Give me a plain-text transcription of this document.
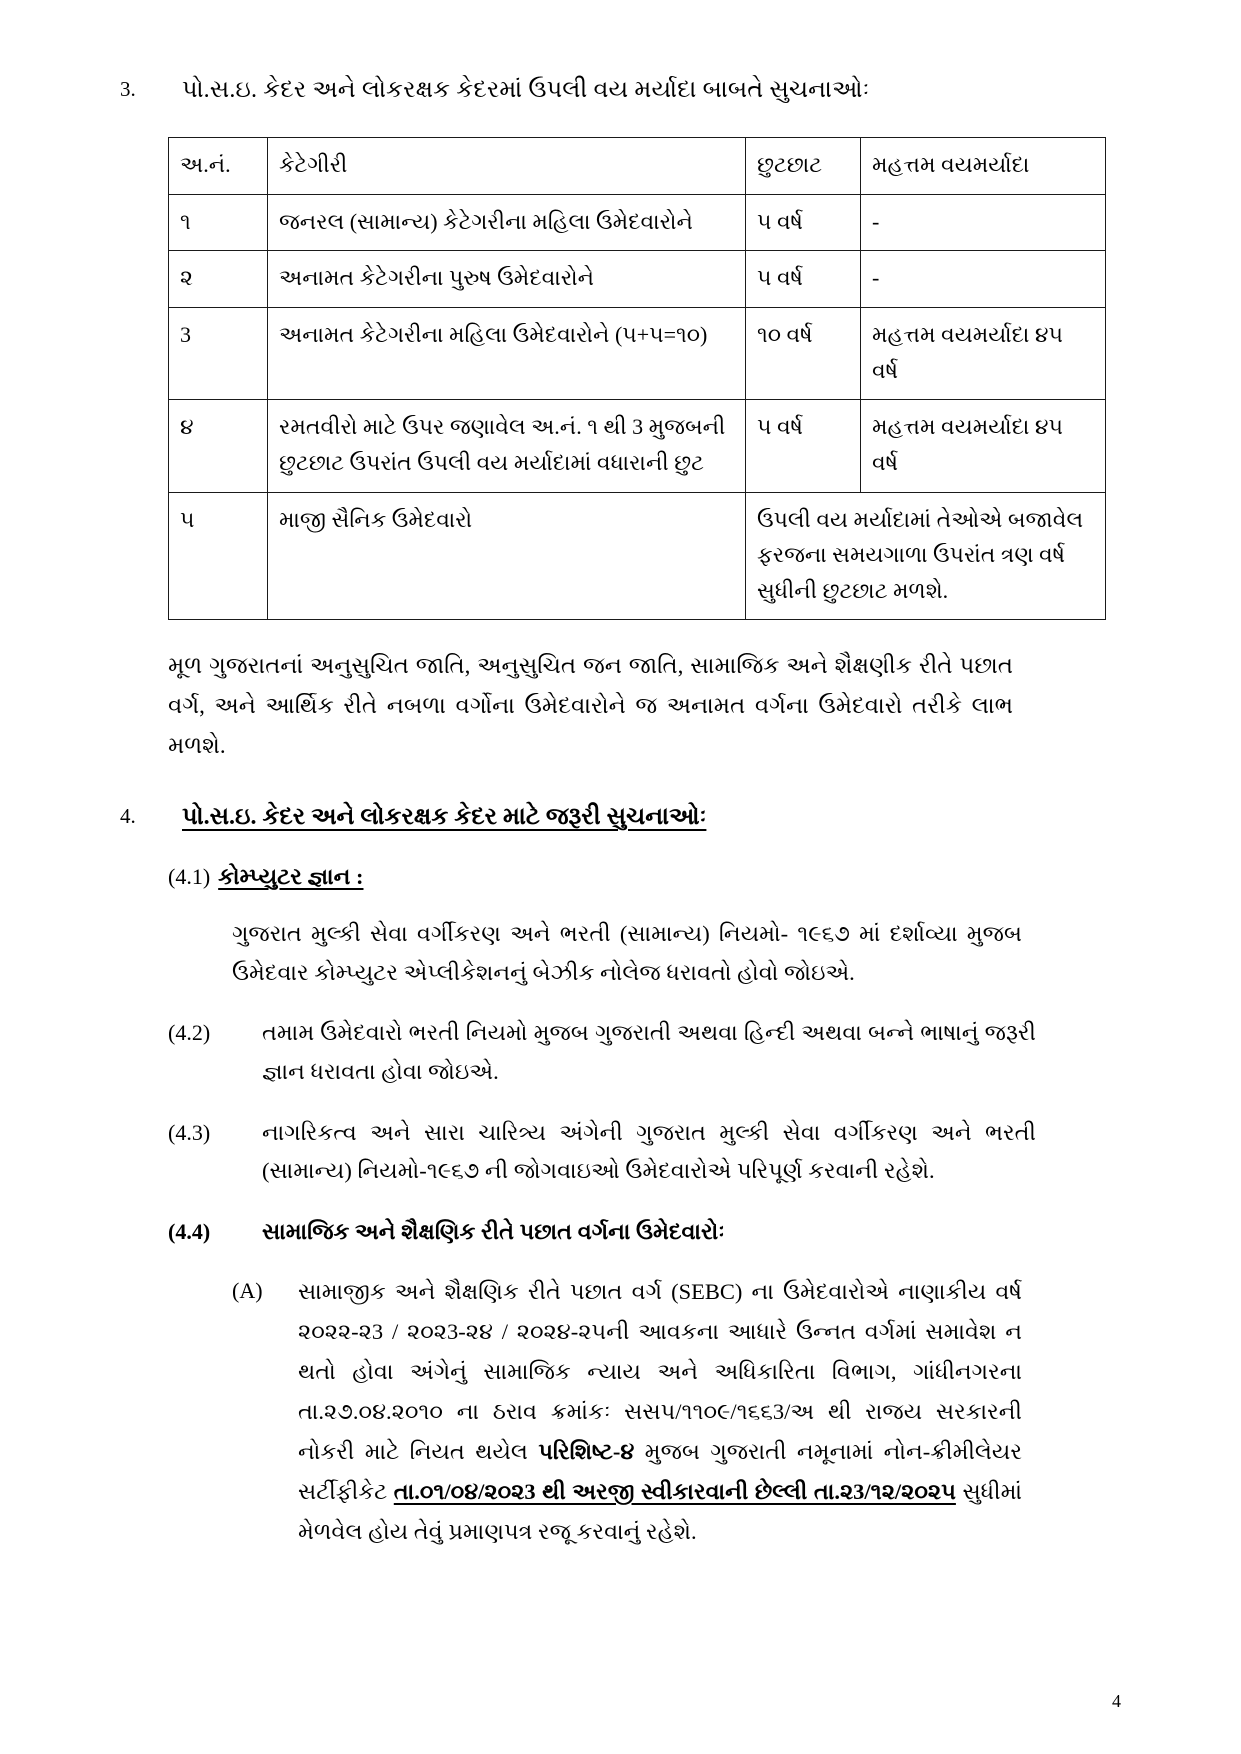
3.	પો.સ.ઇ. કેદર અને લોકરક્ષક કેદરમાં ઉપલી વય મર્યાદા બાબતે સુચનાઓઃ
અ.નં.	કેટેગીરી	છુટછાટ	મહત્તમ વયમર્યાદા
૧	જનરલ (સામાન્ય) કેટેગરીના મહિલા ઉમેદવારોને	૫ વર્ષ	-
૨	અનામત કેટેગરીના પુરુષ ઉમેદવારોને	૫ વર્ષ	-
3	અનામત કેટેગરીના મહિલા ઉમેદવારોને (૫+૫=૧૦)	૧૦ વર્ષ	મહત્તમ વયમર્યાદા ૪૫ વર્ષ
૪	રમતવીરો માટે ઉપર જણાવેલ અ.નં. ૧ થી 3 મુજબની છુટછાટ ઉપરાંત ઉપલી વય મર્યાદામાં વધારાની છુટ	૫ વર્ષ	મહત્તમ વયમર્યાદા ૪૫ વર્ષ
૫	માજી સૈનિક ઉમેદવારો	ઉપલી વય મર્યાદામાં તેઓએ બજાવેલ ફરજના સમયગાળા ઉપરાંત ત્રણ વર્ષ સુધીની છુટછાટ મળશે.	
મૂળ ગુજરાતનાં અનુસુચિત જાતિ, અનુસુચિત જન જાતિ, સામાજિક અને શૈક્ષણીક રીતે પછાત વર્ગ, અને આર્થિક રીતે નબળા વર્ગોના ઉમેદવારોને જ અનામત વર્ગના ઉમેદવારો તરીકે લાભ મળશે.
4.	પો.સ.ઇ. કેદર અને લોકરક્ષક કેદર માટે જરૂરી સુચનાઓઃ
(4.1) કોમ્પ્યુટર જ્ઞાન :
ગુજરાત મુલ્કી સેવા વર્ગીકરણ અને ભરતી (સામાન્ય) નિયમો- ૧૯૬૭ માં દર્શાવ્યા મુજબ ઉમેદવાર કોમ્પ્યુટર એપ્લીકેશનનું બેઝીક નોલેજ ધરાવતો હોવો જોઇએ.
(4.2)	તમામ ઉમેદવારો ભરતી નિયમો મુજબ ગુજરાતી અથવા હિન્દી અથવા બન્ને ભાષાનું જરૂરી જ્ઞાન ધરાવતા હોવા જોઇએ.
(4.3)	નાગરિકત્વ અને સારા ચારિત્ર્ય અંગેની ગુજરાત મુલ્કી સેવા વર્ગીકરણ અને ભરતી (સામાન્ય) નિયમો-૧૯૬૭ ની જોગવાઇઓ ઉમેદવારોએ પરિપૂર્ણ કરવાની રહેશે.
(4.4)	સામાજિક અને શૈક્ષણિક રીતે પછાત વર્ગના ઉમેદવારોઃ
(A)	સામાજીક અને શૈક્ષણિક રીતે પછાત વર્ગ (SEBC) ના ઉમેદવારોએ નાણાકીય વર્ષ ૨૦૨૨-૨3 / ૨૦૨3-૨૪ / ૨૦૨૪-૨૫ની આવકના આધારે ઉન્નત વર્ગમાં સમાવેશ ન થતો હોવા અંગેનું સામાજિક ન્યાય અને અધિકારિતા વિભાગ, ગાંધીનગરના તા.૨૭.૦૪.૨૦૧૦ ના ઠરાવ ક્રમાંકઃ સસપ/૧૧૦૯/૧૬૬3/અ થી રાજય સરકારની નોકરી માટે નિયત થયેલ પરિશિષ્ટ-૪ મુજબ ગુજરાતી નમૂનામાં નોન-ક્રીમીલેયર સર્ટીફીકેટ તા.૦૧/૦૪/૨૦૨3 થી અરજી સ્વીકારવાની છેલ્લી તા.૨3/૧૨/૨૦૨૫ સુધીમાં મેળવેલ હોય તેવું પ્રમાણપત્ર રજૂ કરવાનું રહેશે.
4
